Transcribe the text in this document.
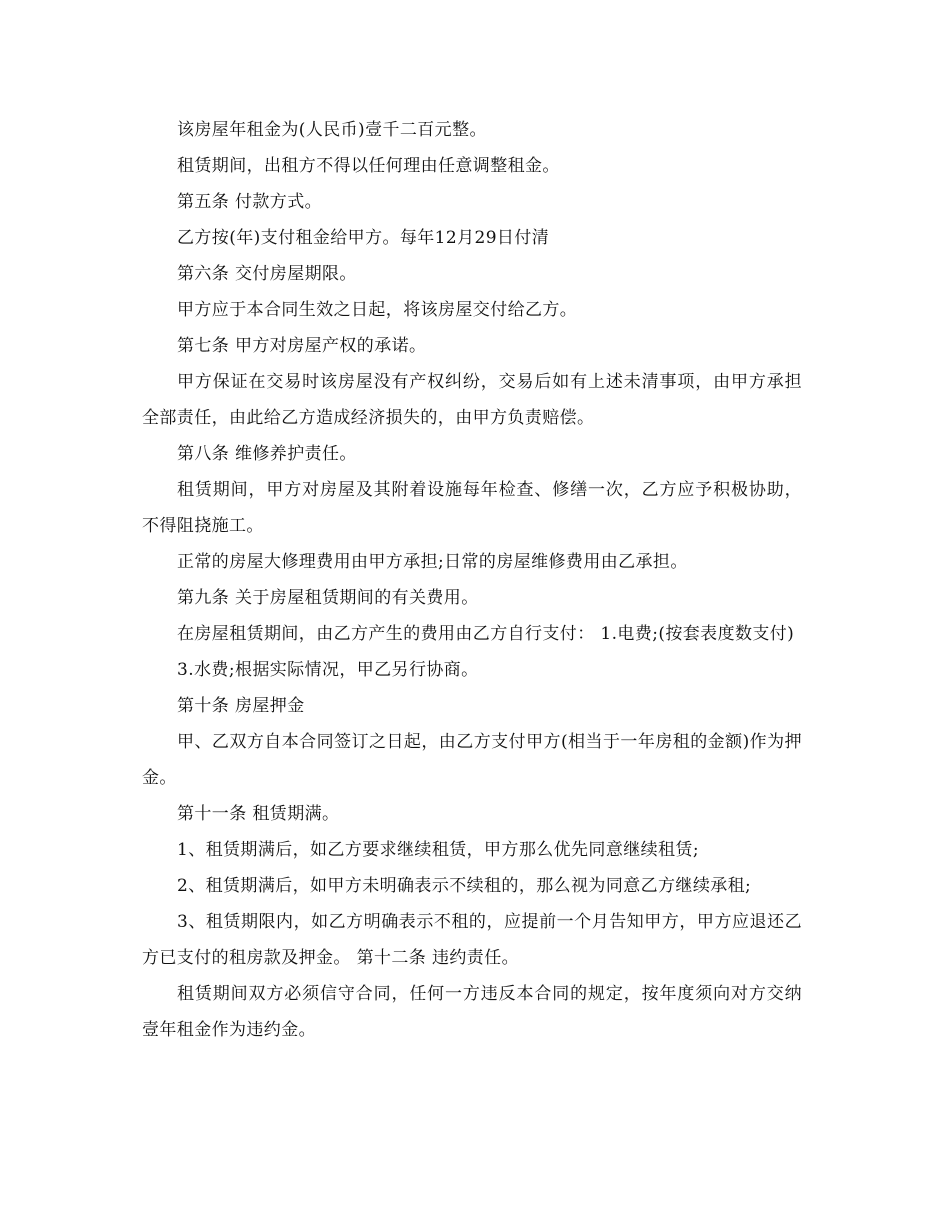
该房屋年租金为(人民币)壹千二百元整。

租赁期间，出租方不得以任何理由任意调整租金。

第五条 付款方式。

乙方按(年)支付租金给甲方。每年12月29日付清

第六条 交付房屋期限。

甲方应于本合同生效之日起，将该房屋交付给乙方。

第七条 甲方对房屋产权的承诺。

甲方保证在交易时该房屋没有产权纠纷，交易后如有上述未清事项，由甲方承担全部责任，由此给乙方造成经济损失的，由甲方负责赔偿。

第八条 维修养护责任。

租赁期间，甲方对房屋及其附着设施每年检查、修缮一次，乙方应予积极协助，不得阻挠施工。

正常的房屋大修理费用由甲方承担;日常的房屋维修费用由乙承担。

第九条 关于房屋租赁期间的有关费用。

在房屋租赁期间，由乙方产生的费用由乙方自行支付： 1.电费;(按套表度数支付)

3.水费;根据实际情况，甲乙另行协商。

第十条 房屋押金

甲、乙双方自本合同签订之日起，由乙方支付甲方(相当于一年房租的金额)作为押金。

第十一条 租赁期满。

1、租赁期满后，如乙方要求继续租赁，甲方那么优先同意继续租赁;

2、租赁期满后，如甲方未明确表示不续租的，那么视为同意乙方继续承租;

3、租赁期限内，如乙方明确表示不租的，应提前一个月告知甲方，甲方应退还乙方已支付的租房款及押金。 第十二条 违约责任。

租赁期间双方必须信守合同，任何一方违反本合同的规定，按年度须向对方交纳壹年租金作为违约金。
